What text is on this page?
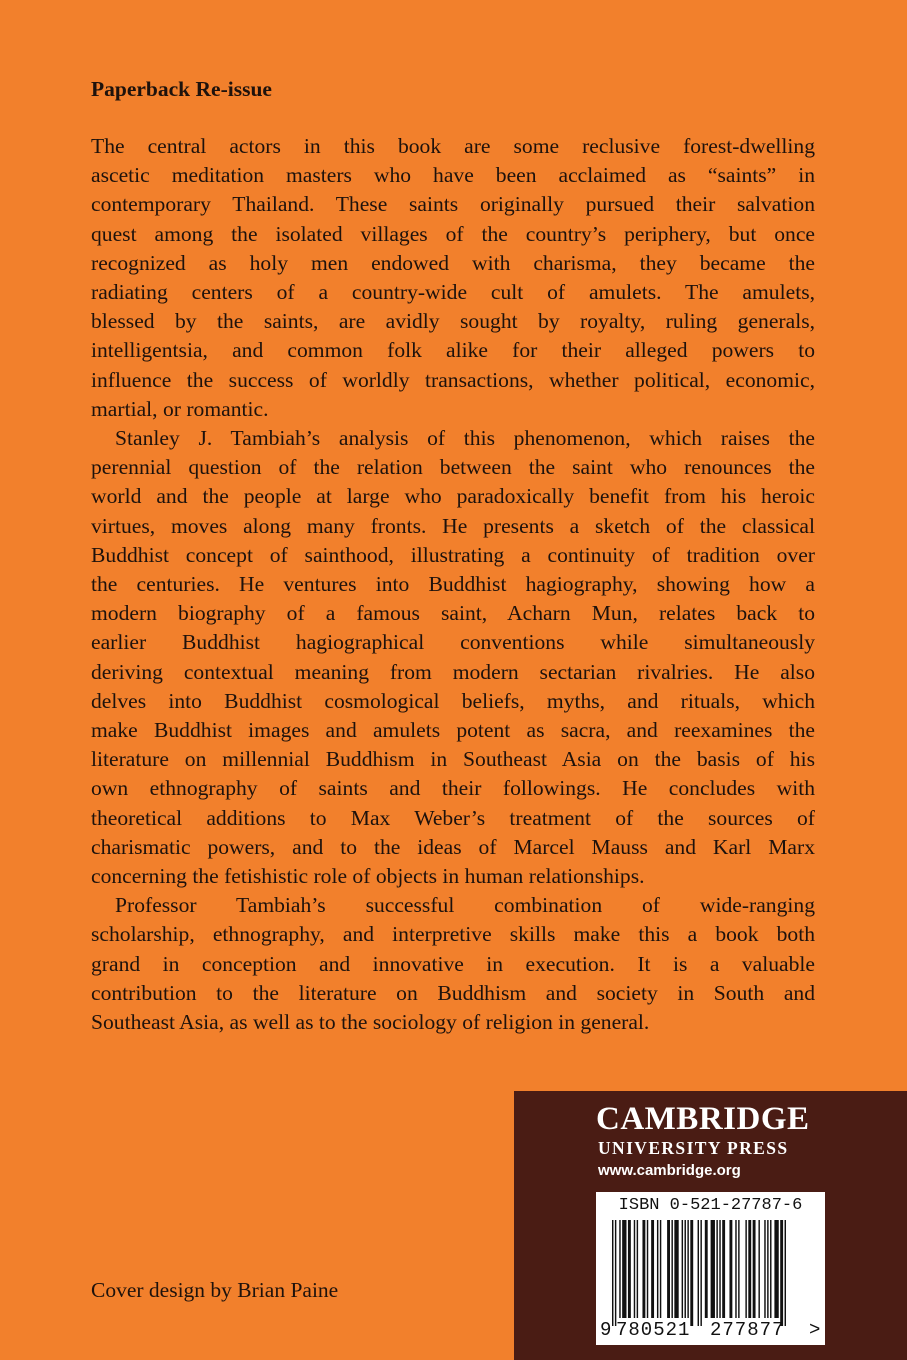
Paperback Re-issue
The central actors in this book are some reclusive forest-dwelling
ascetic meditation masters who have been acclaimed as “saints” in
contemporary Thailand. These saints originally pursued their salvation
quest among the isolated villages of the country’s periphery, but once
recognized as holy men endowed with charisma, they became the
radiating centers of a country-wide cult of amulets. The amulets,
blessed by the saints, are avidly sought by royalty, ruling generals,
intelligentsia, and common folk alike for their alleged powers to
influence the success of worldly transactions, whether political, economic,
martial, or romantic.
Stanley J. Tambiah’s analysis of this phenomenon, which raises the
perennial question of the relation between the saint who renounces the
world and the people at large who paradoxically benefit from his heroic
virtues, moves along many fronts. He presents a sketch of the classical
Buddhist concept of sainthood, illustrating a continuity of tradition over
the centuries. He ventures into Buddhist hagiography, showing how a
modern biography of a famous saint, Acharn Mun, relates back to
earlier Buddhist hagiographical conventions while simultaneously
deriving contextual meaning from modern sectarian rivalries. He also
delves into Buddhist cosmological beliefs, myths, and rituals, which
make Buddhist images and amulets potent as sacra, and reexamines the
literature on millennial Buddhism in Southeast Asia on the basis of his
own ethnography of saints and their followings. He concludes with
theoretical additions to Max Weber’s treatment of the sources of
charismatic powers, and to the ideas of Marcel Mauss and Karl Marx
concerning the fetishistic role of objects in human relationships.
Professor Tambiah’s successful combination of wide-ranging
scholarship, ethnography, and interpretive skills make this a book both
grand in conception and innovative in execution. It is a valuable
contribution to the literature on Buddhism and society in South and
Southeast Asia, as well as to the sociology of religion in general.
Cover design by Brian Paine
CAMBRIDGE
UNIVERSITY PRESS
www.cambridge.org
ISBN 0-521-27787-6
9 780521 277877 >
